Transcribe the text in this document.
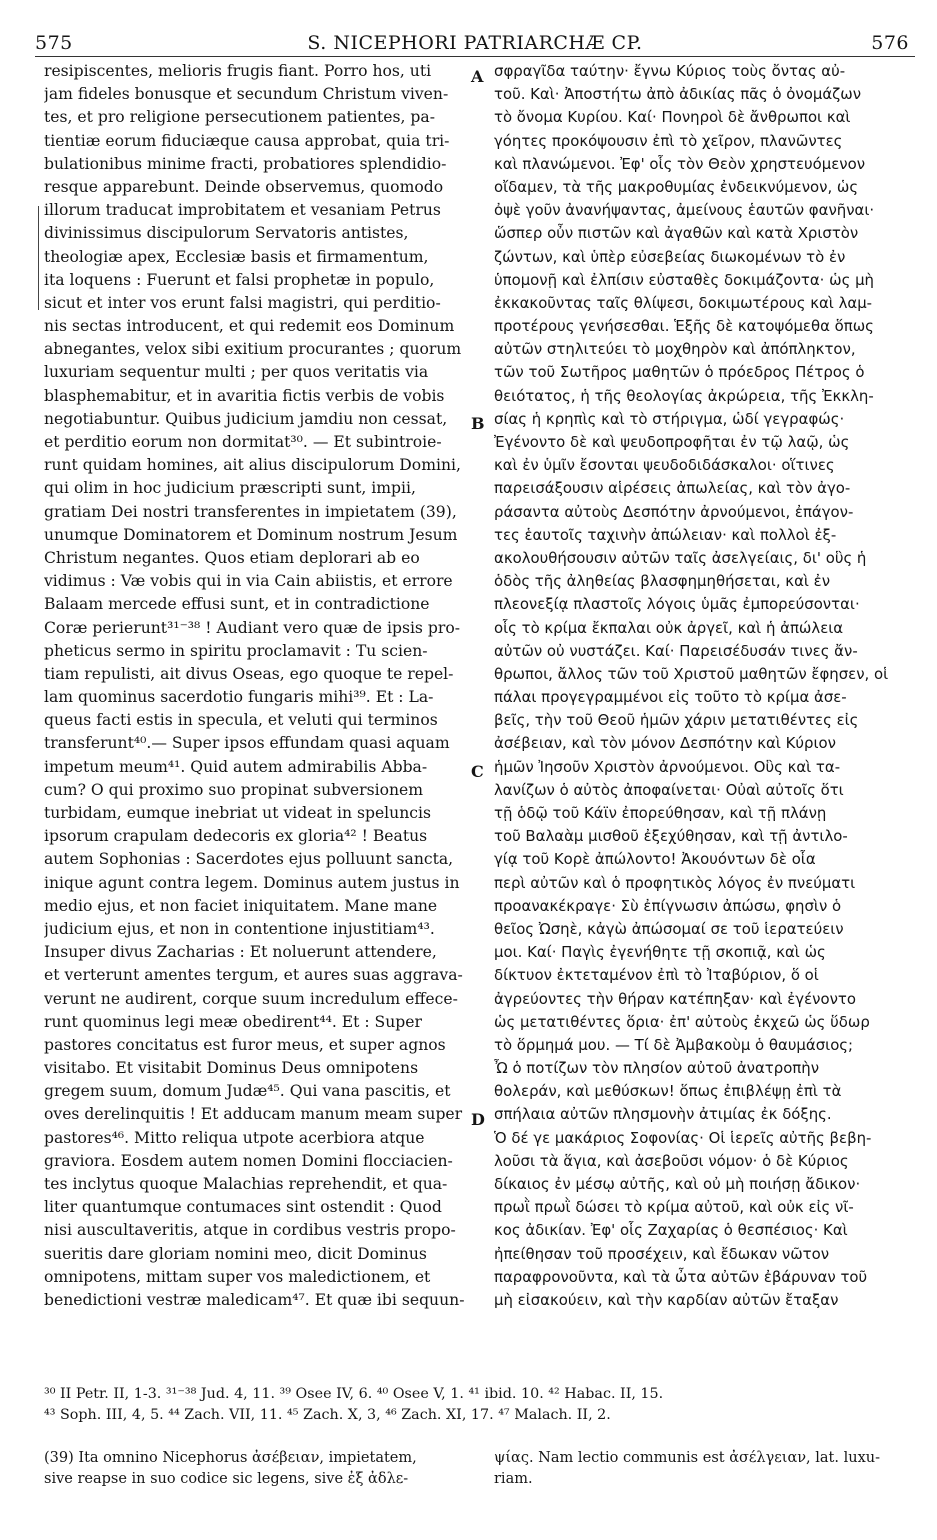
575	S. NICEPHORI PATRIARCHÆ CP.	576
resipiscentes, melioris frugis fiant. Porro hos, uti
jam fideles bonusque et secundum Christum viven-
tes, et pro religione persecutionem patientes, pa-
tientiæ eorum fiduciæque causa approbat, quia tri-
bulationibus minime fracti, probatiores splendidio-
resque apparebunt. Deinde observemus, quomodo
illorum traducat improbitatem et vesaniam Petrus
divinissimus discipulorum Servatoris antistes,
theologiæ apex, Ecclesiæ basis et firmamentum,
ita loquens : Fuerunt et falsi prophetæ in populo,
sicut et inter vos erunt falsi magistri, qui perditio-
nis sectas introducent, et qui redemit eos Dominum
abnegantes, velox sibi exitium procurantes ; quorum
luxuriam sequentur multi ; per quos veritatis via
blasphemabitur, et in avaritia fictis verbis de vobis
negotiabuntur. Quibus judicium jamdiu non cessat,
et perditio eorum non dormitat³⁰. — Et subintroie-
runt quidam homines, ait alius discipulorum Domini,
qui olim in hoc judicium præscripti sunt, impii,
gratiam Dei nostri transferentes in impietatem (39),
unumque Dominatorem et Dominum nostrum Jesum
Christum negantes. Quos etiam deplorari ab eo
vidimus : Væ vobis qui in via Cain abiistis, et errore
Balaam mercede effusi sunt, et in contradictione
Coræ perierunt³¹⁻³⁸ ! Audiant vero quæ de ipsis pro-
pheticus sermo in spiritu proclamavit : Tu scien-
tiam repulisti, ait divus Oseas, ego quoque te repel-
lam quominus sacerdotio fungaris mihi³⁹. Et : La-
queus facti estis in specula, et veluti qui terminos
transferunt⁴⁰.— Super ipsos effundam quasi aquam
impetum meum⁴¹. Quid autem admirabilis Abba-
cum? O qui proximo suo propinat subversionem
turbidam, eumque inebriat ut videat in speluncis
ipsorum crapulam dedecoris ex gloria⁴² ! Beatus
autem Sophonias : Sacerdotes ejus polluunt sancta,
inique agunt contra legem. Dominus autem justus in
medio ejus, et non faciet iniquitatem. Mane mane
judicium ejus, et non in contentione injustitiam⁴³.
Insuper divus Zacharias : Et noluerunt attendere,
et verterunt amentes tergum, et aures suas aggrava-
verunt ne audirent, corque suum incredulum effece-
runt quominus legi meæ obedirent⁴⁴. Et : Super
pastores concitatus est furor meus, et super agnos
visitabo. Et visitabit Dominus Deus omnipotens
gregem suum, domum Judæ⁴⁵. Qui vana pascitis, et
oves derelinquitis ! Et adducam manum meam super
pastores⁴⁶. Mitto reliqua utpote acerbiora atque
graviora. Eosdem autem nomen Domini flocciacien-
tes inclytus quoque Malachias reprehendit, et qua-
liter quantumque contumaces sint ostendit : Quod
nisi auscultaveritis, atque in cordibus vestris propo-
sueritis dare gloriam nomini meo, dicit Dominus
omnipotens, mittam super vos maledictionem, et
benedictioni vestræ maledicam⁴⁷. Et quæ ibi sequun-
σφραγῖδα ταύτην· ἔγνω Κύριος τοὺς ὄντας αὐ-
τοῦ. Καὶ· Ἀποστήτω ἀπὸ ἀδικίας πᾶς ὁ ὀνομάζων
τὸ ὄνομα Κυρίου. Καί· Πονηροὶ δὲ ἄνθρωποι καὶ
γόητες προκόψουσιν ἐπὶ τὸ χεῖρον, πλανῶντες
καὶ πλανώμενοι. Ἐφ' οἷς τὸν Θεὸν χρηστευόμενον
οἴδαμεν, τὰ τῆς μακροθυμίας ἐνδεικνύμενον, ὡς
ὀψὲ γοῦν ἀνανήψαντας, ἀμείνους ἑαυτῶν φανῆναι·
ὥσπερ οὖν πιστῶν καὶ ἀγαθῶν καὶ κατὰ Χριστὸν
ζώντων, καὶ ὑπὲρ εὐσεβείας διωκομένων τὸ ἐν
ὑπομονῇ καὶ ἐλπίσιν εὐσταθὲς δοκιμάζοντα· ὡς μὴ
ἐκκακοῦντας ταῖς θλίψεσι, δοκιμωτέρους καὶ λαμ-
προτέρους γενήσεσθαι. Ἑξῆς δὲ κατοψόμεθα ὅπως
αὐτῶν στηλιτεύει τὸ μοχθηρὸν καὶ ἀπόπληκτον,
τῶν τοῦ Σωτῆρος μαθητῶν ὁ πρόεδρος Πέτρος ὁ
θειότατος, ἡ τῆς θεολογίας ἀκρώρεια, τῆς Ἐκκλη-
σίας ἡ κρηπὶς καὶ τὸ στήριγμα, ὡδί γεγραφώς·
Ἐγένοντο δὲ καὶ ψευδοπροφῆται ἐν τῷ λαῷ, ὡς
καὶ ἐν ὑμῖν ἔσονται ψευδοδιδάσκαλοι· οἵτινες
παρεισάξουσιν αἱρέσεις ἀπωλείας, καὶ τὸν ἀγο-
ράσαντα αὐτοὺς Δεσπότην ἀρνούμενοι, ἐπάγον-
τες ἑαυτοῖς ταχινὴν ἀπώλειαν· καὶ πολλοὶ ἐξ-
ακολουθήσουσιν αὐτῶν ταῖς ἀσελγείαις, δι' οὓς ἡ
ὁδὸς τῆς ἀληθείας βλασφημηθήσεται, καὶ ἐν
πλεονεξίᾳ πλαστοῖς λόγοις ὑμᾶς ἐμπορεύσονται·
οἷς τὸ κρίμα ἔκπαλαι οὐκ ἀργεῖ, καὶ ἡ ἀπώλεια
αὐτῶν οὐ νυστάζει. Καί· Παρεισέδυσάν τινες ἄν-
θρωποι, ἄλλος τῶν τοῦ Χριστοῦ μαθητῶν ἔφησεν, οἱ
πάλαι προγεγραμμένοι εἰς τοῦτο τὸ κρίμα ἀσε-
βεῖς, τὴν τοῦ Θεοῦ ἡμῶν χάριν μετατιθέντες εἰς
ἀσέβειαν, καὶ τὸν μόνον Δεσπότην καὶ Κύριον
ἡμῶν Ἰησοῦν Χριστὸν ἀρνούμενοι. Οὓς καὶ τα-
λανίζων ὁ αὐτὸς ἀποφαίνεται· Οὐαὶ αὐτοῖς ὅτι
τῇ ὁδῷ τοῦ Κάϊν ἐπορεύθησαν, καὶ τῇ πλάνῃ
τοῦ Βαλαὰμ μισθοῦ ἐξεχύθησαν, καὶ τῇ ἀντιλο-
γίᾳ τοῦ Κορὲ ἀπώλοντο! Ἀκουόντων δὲ οἷα
περὶ αὐτῶν καὶ ὁ προφητικὸς λόγος ἐν πνεύματι
προανακέκραγε· Σὺ ἐπίγνωσιν ἀπώσω, φησὶν ὁ
θεῖος Ὠσηὲ, κἀγὼ ἀπώσομαί σε τοῦ ἱερατεύειν
μοι. Καί· Παγὶς ἐγενήθητε τῇ σκοπιᾷ, καὶ ὡς
δίκτυον ἐκτεταμένον ἐπὶ τὸ Ἰταβύριον, ὅ οἱ
ἀγρεύοντες τὴν θήραν κατέπηξαν· καὶ ἐγένοντο
ὡς μετατιθέντες ὅρια· ἐπ' αὐτοὺς ἐκχεῶ ὡς ὕδωρ
τὸ ὅρμημά μου. — Τί δὲ Ἀμβακοὺμ ὁ θαυμάσιος;
Ὦ ὁ ποτίζων τὸν πλησίον αὐτοῦ ἀνατροπὴν
θολεράν, καὶ μεθύσκων! ὅπως ἐπιβλέψῃ ἐπὶ τὰ
σπήλαια αὐτῶν πλησμονὴν ἀτιμίας ἐκ δόξης.
Ὁ δέ γε μακάριος Σοφονίας· Οἱ ἱερεῖς αὐτῆς βεβη-
λοῦσι τὰ ἅγια, καὶ ἀσεβοῦσι νόμον· ὁ δὲ Κύριος
δίκαιος ἐν μέσῳ αὐτῆς, καὶ οὐ μὴ ποιήσῃ ἄδικον·
πρωῒ πρωῒ δώσει τὸ κρίμα αὐτοῦ, καὶ οὐκ εἰς νῖ-
κος ἀδικίαν. Ἐφ' οἷς Ζαχαρίας ὁ θεσπέσιος· Καὶ
ἠπείθησαν τοῦ προσέχειν, καὶ ἔδωκαν νῶτον
παραφρονοῦντα, καὶ τὰ ὦτα αὐτῶν ἐβάρυναν τοῦ
μὴ εἰσακούειν, καὶ τὴν καρδίαν αὐτῶν ἔταξαν
A
B
C
D
³⁰ II Petr. II, 1-3. ³¹⁻³⁸ Jud. 4, 11. ³⁹ Osee IV, 6. ⁴⁰ Osee V, 1. ⁴¹ ibid. 10. ⁴² Habac. II, 15.
⁴³ Soph. III, 4, 5. ⁴⁴ Zach. VII, 11. ⁴⁵ Zach. X, 3, ⁴⁶ Zach. XI, 17. ⁴⁷ Malach. II, 2.
(39) Ita omnino Nicephorus ἀσέβειαν, impietatem,
sive reapse in suo codice sic legens, sive ἐξ ἀδλε-
ψίας. Nam lectio communis est ἀσέλγειαν, lat. luxu-
riam.
